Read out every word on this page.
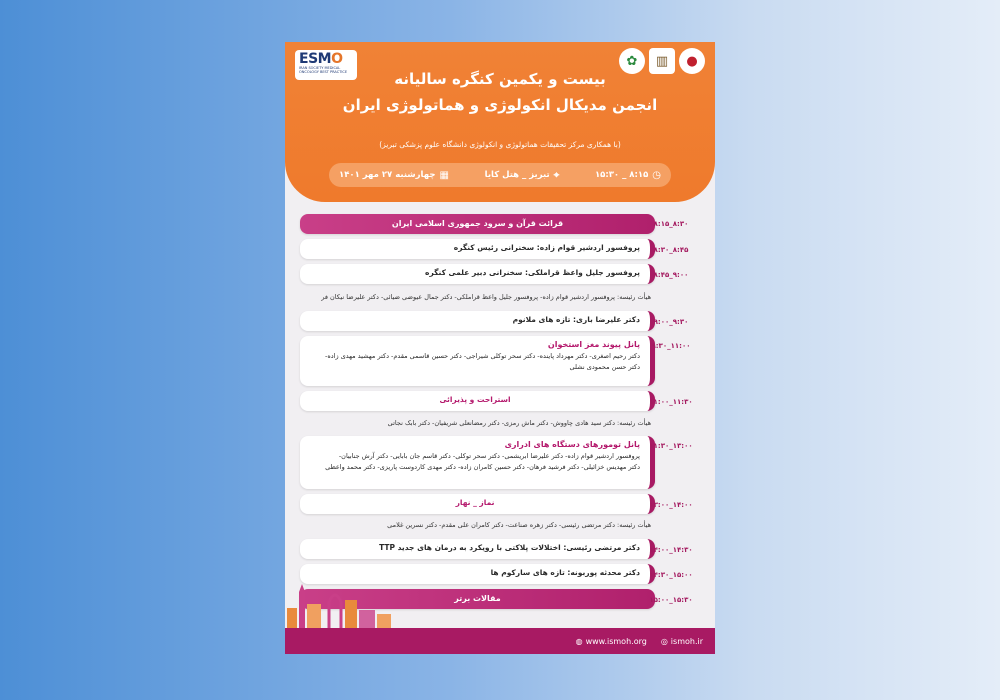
ESMO
IRAN SOCIETY MEDICAL ONCOLOGY BEST PRACTICE
✿	▥	●
بیست و یکمین کنگره سالیانه
انجمن مدیکال انکولوژی و هماتولوژی ایران
(با همکاری مرکز تحقیقات هماتولوژی و انکولوژی دانشگاه علوم پزشکی تبریز)
◷
۸:۱۵ _ ۱۵:۳۰
⌖
تبریز _ هتل کایا
▦
چهارشنبه ۲۷ مهر ۱۴۰۱
قرائت قرآن و سرود جمهوری اسلامی ایران	۸:۱۵_۸:۳۰
پروفسور اردشیر قوام زاده: سخنرانی رئیس کنگره	۸:۳۰_۸:۴۵
پروفسور جلیل واعظ قراملکی: سخنرانی دبیر علمی کنگره	۸:۴۵_۹:۰۰
هیأت رئیسه: پروفسور اردشیر قوام زاده- پروفسور جلیل واعظ قراملکی- دکتر جمال عیوضی ضیائی- دکتر علیرضا نیکان فر
دکتر علیرضا باری: تازه های ملانوم	۹:۰۰_۹:۳۰
پانل پیوند مغز استخوان
دکتر رحیم اصغری- دکتر مهرداد پاینده- دکتر سحر توکلی شیراجی- دکتر حسین قاسمی مقدم- دکتر مهشید مهدی زاده-
دکتر حسن محمودی نشلی
۹:۳۰_۱۱:۰۰
استراحت و پذیرائی	۱۱:۰۰_۱۱:۳۰
هیأت رئیسه: دکتر سید هادی چاووش- دکتر ماش رمزی- دکتر رمضانعلی شریفیان- دکتر بابک نجاتی
پانل تومورهای دستگاه های ادراری
پروفسور اردشیر قوام زاده- دکتر علیرضا ابریشمی- دکتر سحر توکلی- دکتر قاسم جان بابایی- دکتر آرش جنابیان-
دکتر مهدیس خزائیلی- دکتر فرشید فرهان- دکتر حسین کامران زاده- دکتر مهدی کاردوست پاریزی- دکتر محمد واعظی
۱۱:۳۰_۱۳:۰۰
نماز _ نهار	۱۳:۰۰_۱۴:۰۰
هیأت رئیسه: دکتر مرتضی رئیسی- دکتر زهره صناعت- دکتر کامران علی مقدم- دکتر نسرین غلامی
دکتر مرتضی رئیسی: اختلالات پلاکتی با رویکرد به درمان های جدید TTP	۱۴:۰۰_۱۴:۳۰
دکتر محدثه پوربونه: تازه های سارکوم ها	۱۴:۳۰_۱۵:۰۰
مقالات برتر	۱۵:۰۰_۱۵:۳۰
◍ www.ismoh.org ◎ ismoh.ir
